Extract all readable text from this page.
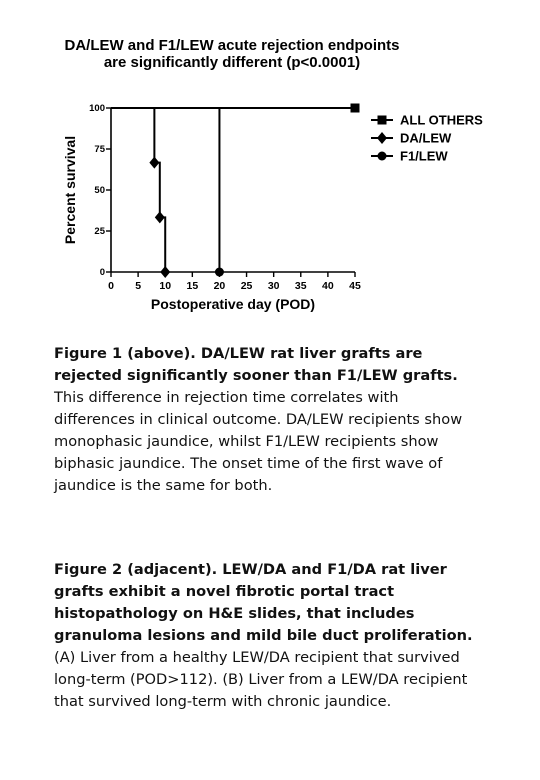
DA/LEW and F1/LEW acute rejection endpoints
are significantly different (p<0.0001)
Percent survival
Postoperative day (POD)
0
25
50
75
100
0 5 10 15 20 25 30 35 40 45
ALL OTHERS
DA/LEW
F1/LEW
Figure 1 (above). DA/LEW rat liver grafts are rejected significantly sooner than F1/LEW grafts.
This difference in rejection time correlates with differences in clinical outcome. DA/LEW recipients show monophasic jaundice, whilst F1/LEW recipients show biphasic jaundice. The onset time of the first wave of jaundice is the same for both.
Figure 2 (adjacent). LEW/DA and F1/DA rat liver grafts exhibit a novel fibrotic portal tract histopathology on H&E slides, that includes granuloma lesions and mild bile duct proliferation.
(A) Liver from a healthy LEW/DA recipient that survived long-term (POD>112). (B) Liver from a LEW/DA recipient that survived long-term with chronic jaundice.
